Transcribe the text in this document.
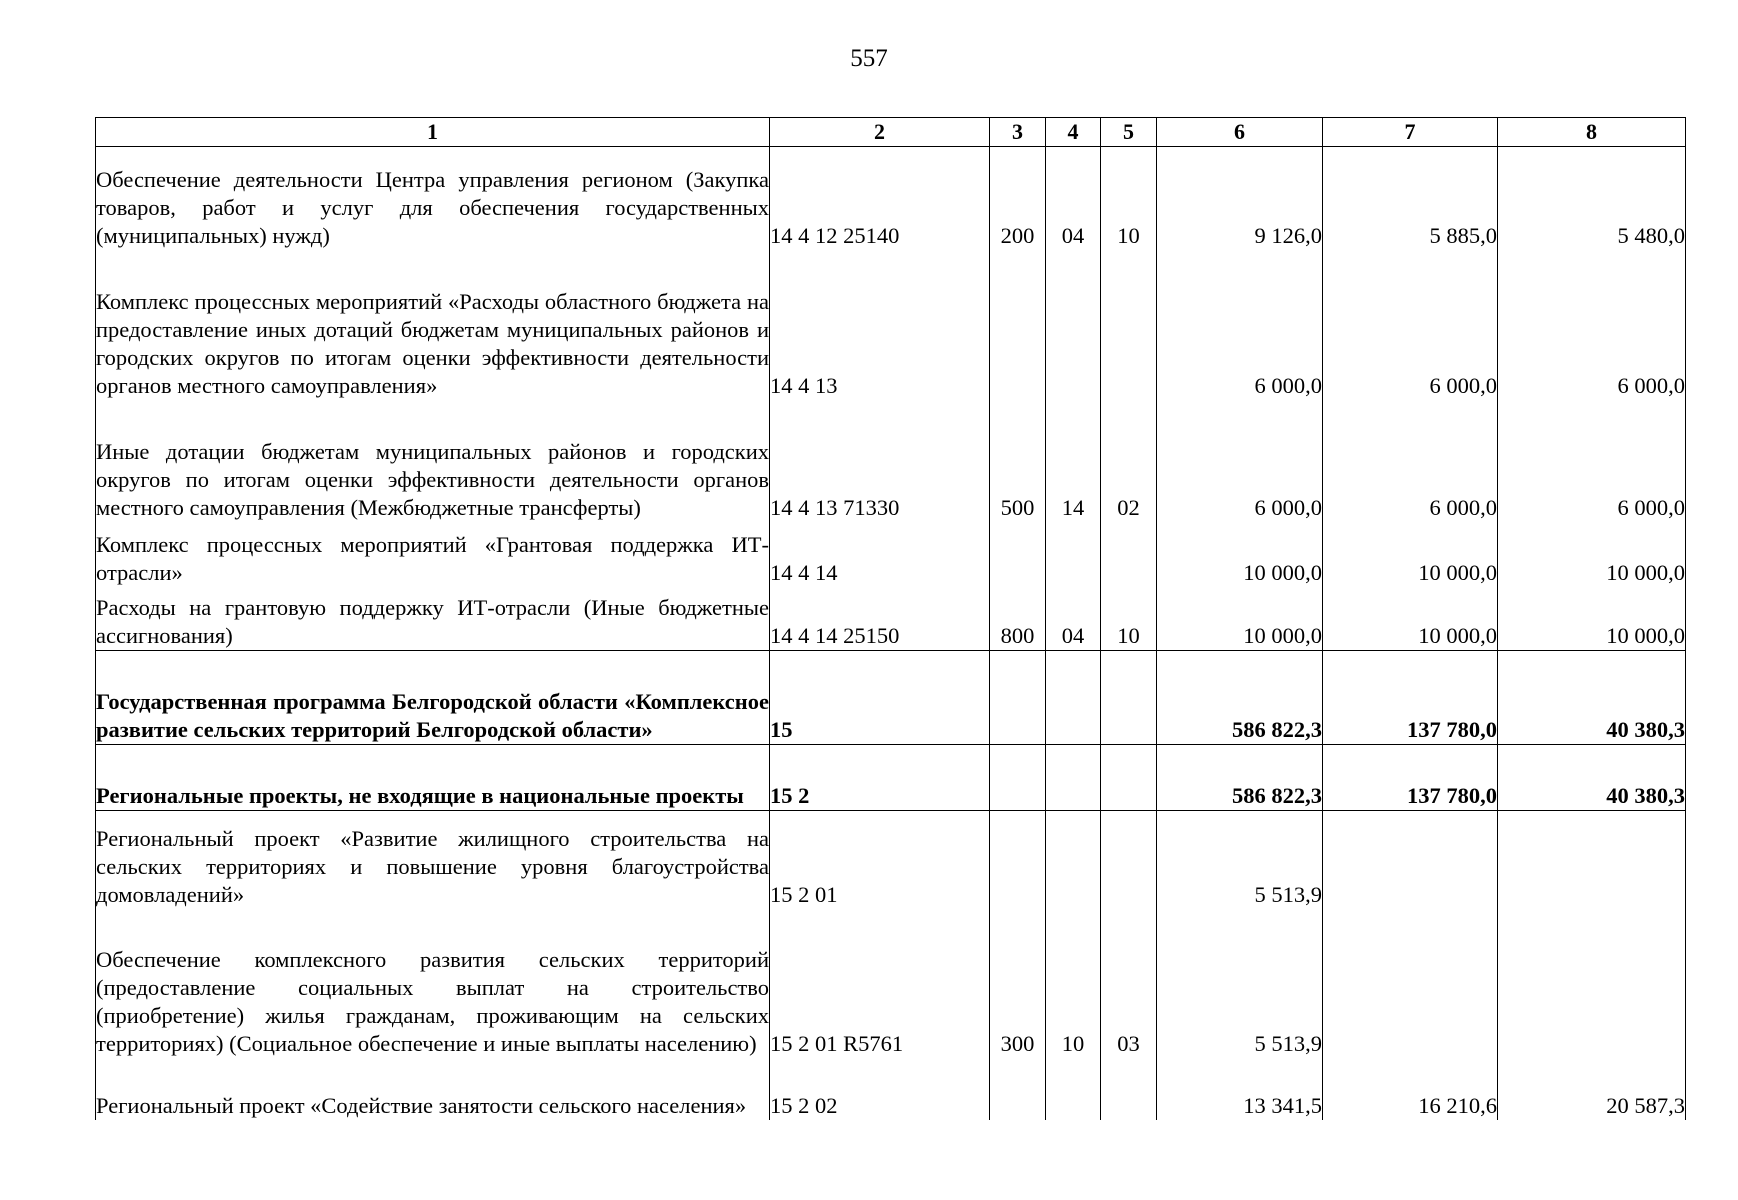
557
1	2	3	4	5	6	7	8
Обеспечение деятельности Центра управления регионом (Закупка товаров, работ и услуг для обеспечения государственных (муниципальных) нужд)	14 4 12 25140	200	04	10	9 126,0	5 885,0	5 480,0
Комплекс процессных мероприятий «Расходы областного бюджета на предоставление иных дотаций бюджетам муниципальных районов и городских округов по итогам оценки эффективности деятельности органов местного самоуправления»	14 4 13				6 000,0	6 000,0	6 000,0
Иные дотации бюджетам муниципальных районов и городских округов по итогам оценки эффективности деятельности органов местного самоуправления (Межбюджетные трансферты)	14 4 13 71330	500	14	02	6 000,0	6 000,0	6 000,0
Комплекс процессных мероприятий «Грантовая поддержка ИТ-отрасли»	14 4 14				10 000,0	10 000,0	10 000,0
Расходы на грантовую поддержку ИТ-отрасли (Иные бюджетные ассигнования)	14 4 14 25150	800	04	10	10 000,0	10 000,0	10 000,0
Государственная программа Белгородской области «Комплексное развитие сельских территорий Белгородской области»	15				586 822,3	137 780,0	40 380,3
Региональные проекты, не входящие в национальные проекты	15 2				586 822,3	137 780,0	40 380,3
Региональный проект «Развитие жилищного строительства на сельских территориях и повышение уровня благоустройства домовладений»	15 2 01				5 513,9		
Обеспечение комплексного развития сельских территорий (предоставление социальных выплат на строительство (приобретение) жилья гражданам, проживающим на сельских территориях) (Социальное обеспечение и иные выплаты населению)	15 2 01 R5761	300	10	03	5 513,9		
Региональный проект «Содействие занятости сельского населения»	15 2 02				13 341,5	16 210,6	20 587,3
